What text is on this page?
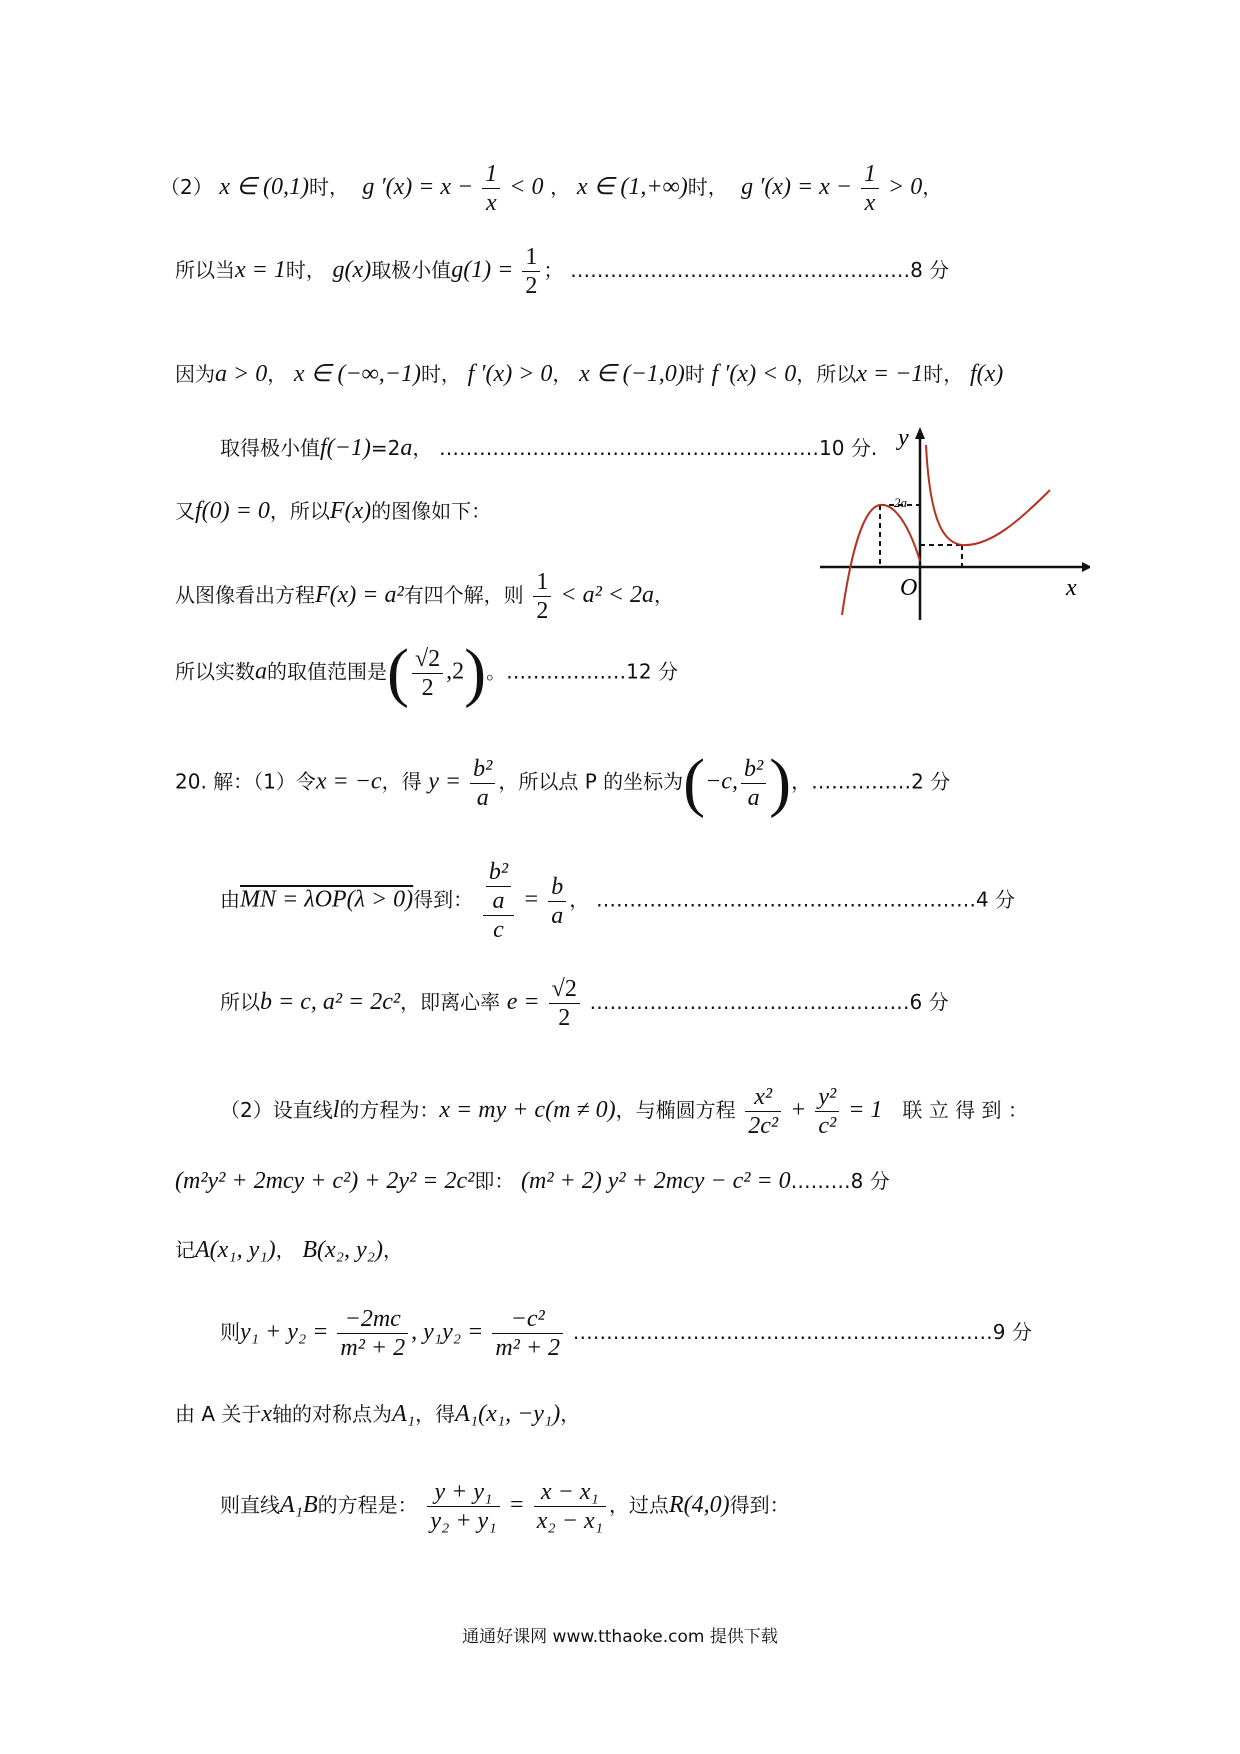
（2） x ∈ (0,1)时， g $'(x) = x - \frac{1}{x} < 0$ ， x ∈ (1,+∞)时， g $'(x) = x - \frac{1}{x} > 0$，
所以当x = 1时， g(x)取极小值$g(1) = \frac{1}{2}$ ； ……………………………………………8 分
因为a > 0， x ∈ (−∞,−1)时， f ′(x) > 0， x ∈ (−1,0)时 f ′(x) < 0，所以x = −1时， f(x)
取得极小值f(−1)=2a， …………………………………………………10 分.
又f(0) = 0，所以F(x)的图像如下：
从图像看出方程F(x) = a²有四个解，则 $\frac{1}{2} < a^2 < 2a$，
所以实数a的取值范围是( $\frac{√2}{2} ,2$)。………………12 分
20. 解：（1）令x = −c，得 $y = \frac{\text{b²}}{a}$ ，所以点 P 的坐标为(−c, $\frac{\text{b²}}{a}$ )，……………2 分
由MN = λOP(λ > 0)得到： $\frac{\frac{\text{b²}}{a}}{c} = \frac{b}{a}$ ， …………………………………………………4 分
所以b = c, a² = 2c²，即离心率 $e = \frac{√2}{2}$ …………………………………………6 分
（2）设直线l的方程为：x = my + c(m ≠ 0)，与椭圆方程 $\frac{\text{x²}}{\text{2c²}} + \frac{\text{y²}}{\text{c²}} = 1$ 联 立 得 到 ：
(m²y² + 2mcy + c²) + 2y² = 2c²即： (m² + 2) y² + 2mcy − c² = 0………8 分
记A(x₁, y₁)， B(x₂, y₂)，
则$y_1 + y_2 = \frac{-2mc}{\text{m² + 2}}$ , $y_1y_2 = \frac{\text{−c²}}{\text{m² + 2}}$ ………………………………………………………9 分
由 A 关于x轴的对称点为A₁，得A₁(x₁, −y₁)，
则直线A₁B的方程是： $\frac{\text{y + y₁}}{\text{y₂ + y₁}} = \frac{\text{x − x₁}}{\text{x₂ − x₁}}$ ，过点R(4,0)得到：
y
x
O
2a
通通好课网 www.tthaoke.com 提供下载
